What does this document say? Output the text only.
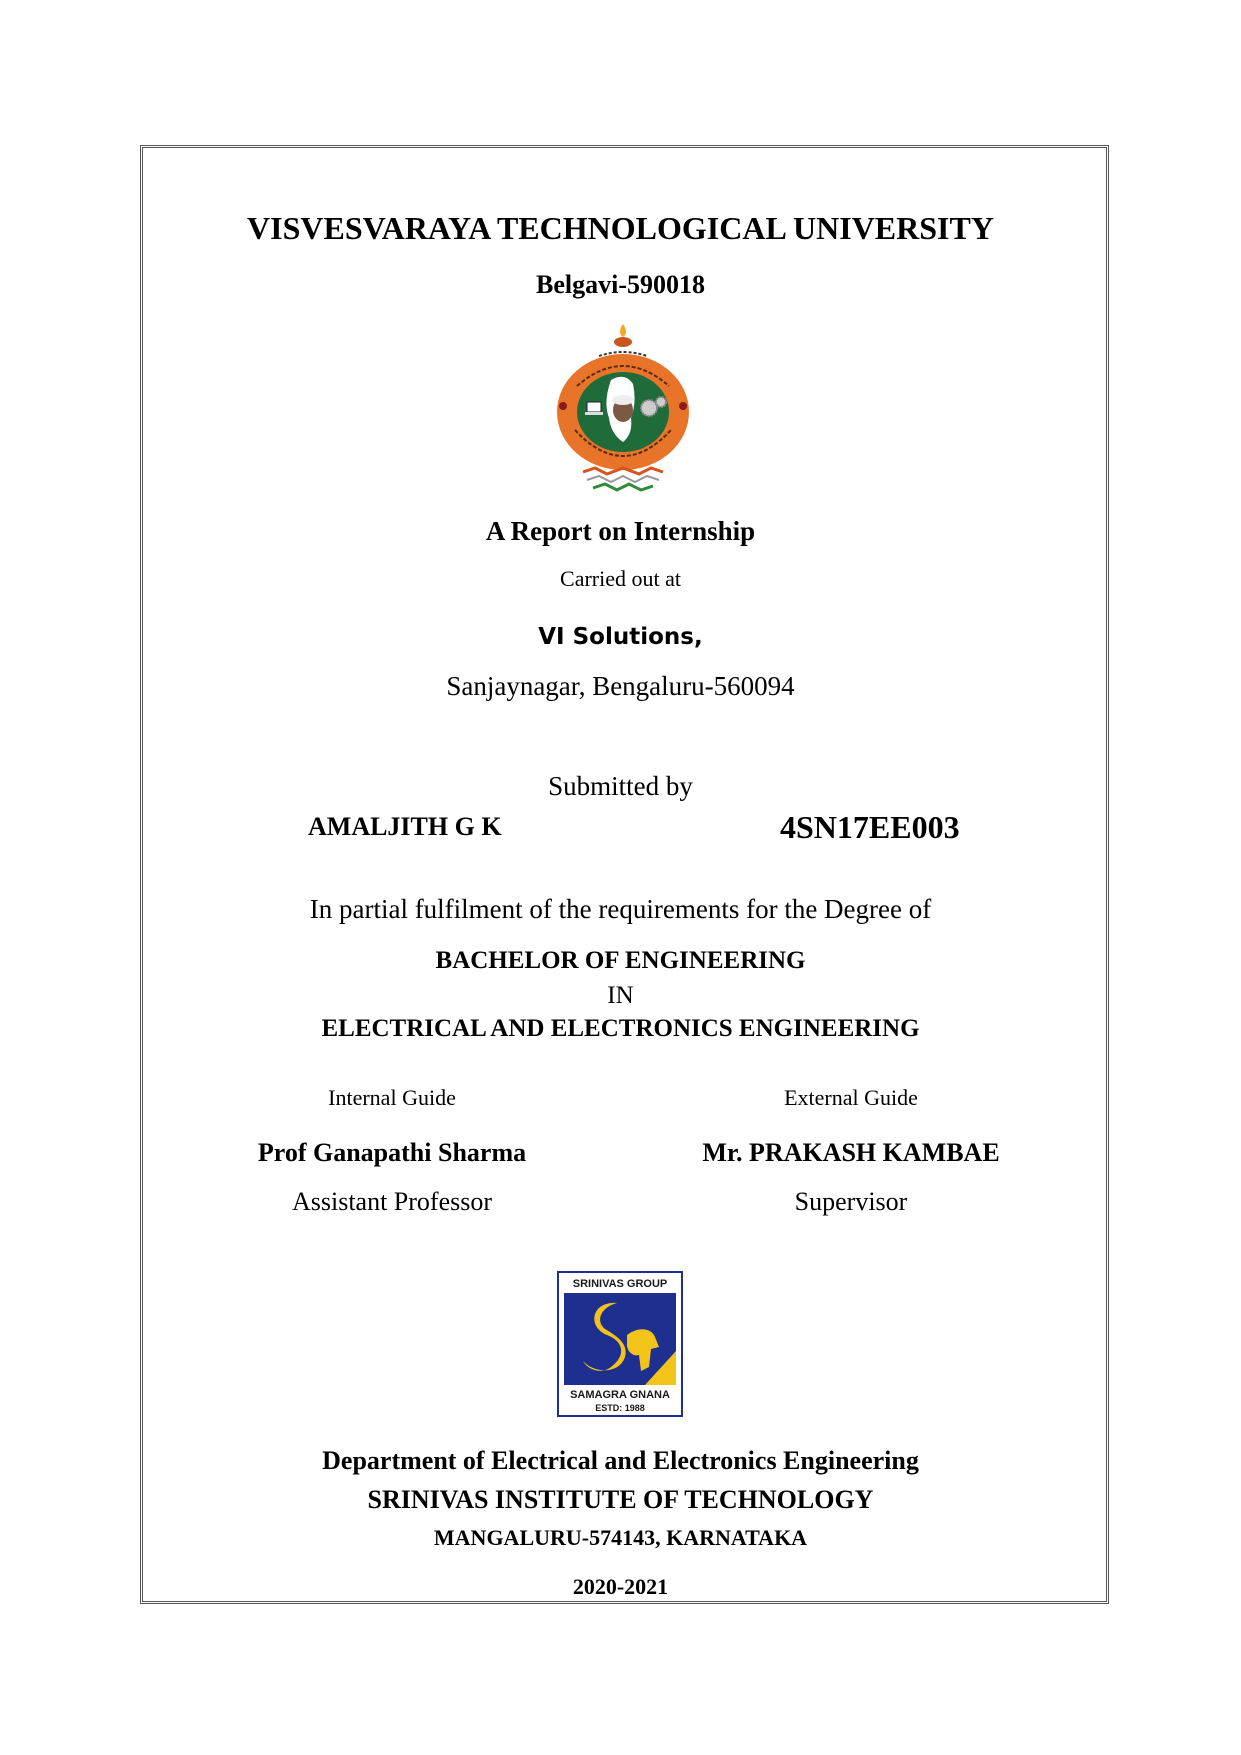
VISVESVARAYA TECHNOLOGICAL UNIVERSITY
Belgavi-590018
A Report on Internship
Carried out at
VI Solutions,
Sanjaynagar, Bengaluru-560094
Submitted by
AMALJITH G K	4SN17EE003
In partial fulfilment of the requirements for the Degree of
BACHELOR OF ENGINEERING
IN
ELECTRICAL AND ELECTRONICS ENGINEERING
Internal Guide	External Guide
Prof Ganapathi Sharma	Mr. PRAKASH KAMBAE
Assistant Professor	Supervisor
SRINIVAS GROUP
SAMAGRA GNANA
ESTD: 1988
Department of Electrical and Electronics Engineering
SRINIVAS INSTITUTE OF TECHNOLOGY
MANGALURU-574143, KARNATAKA
2020-2021
